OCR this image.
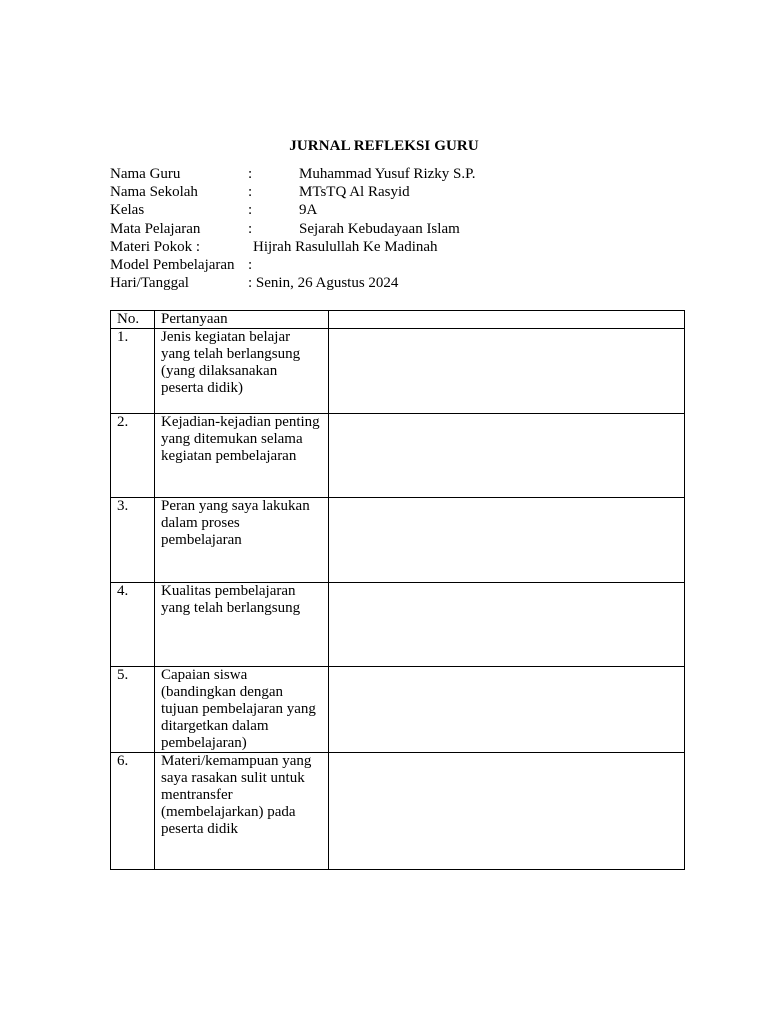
JURNAL REFLEKSI GURU
Nama Guru	:	Muhammad Yusuf Rizky S.P.
Nama Sekolah	:	MTsTQ Al Rasyid
Kelas	:	9A
Mata Pelajaran	:	Sejarah Kebudayaan Islam
Materi Pokok :	Hijrah Rasulullah Ke Madinah
Model Pembelajaran :
Hari/Tanggal	: Senin, 26 Agustus 2024
No.	Pertanyaan	
1.	Jenis kegiatan belajar yang telah berlangsung (yang dilaksanakan peserta didik)	
2.	Kejadian-kejadian penting yang ditemukan selama kegiatan pembelajaran	
3.	Peran yang saya lakukan dalam proses pembelajaran	
4.	Kualitas pembelajaran yang telah berlangsung	
5.	Capaian siswa (bandingkan dengan tujuan pembelajaran yang ditargetkan dalam pembelajaran)	
6.	Materi/kemampuan yang saya rasakan sulit untuk mentransfer (membelajarkan) pada peserta didik	
